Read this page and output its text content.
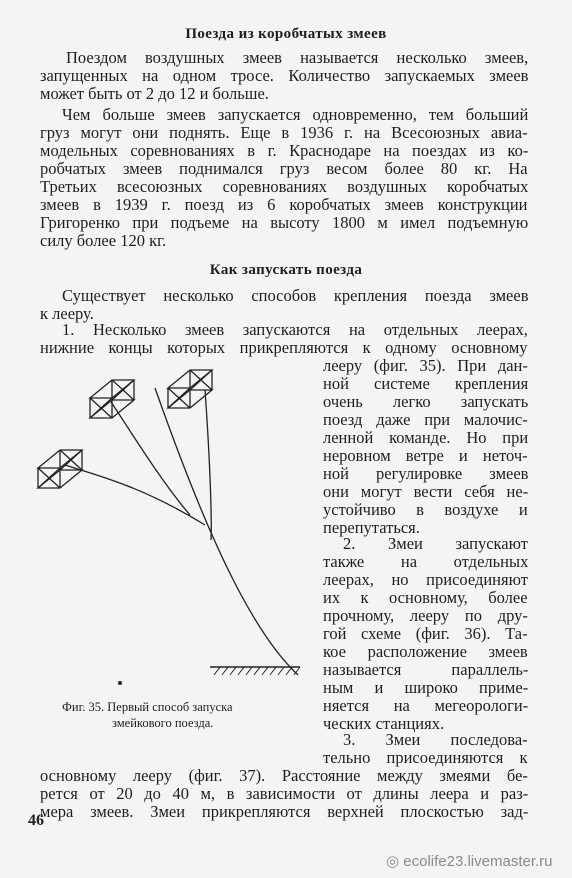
Поезда из коробчатых змеев
Как запускать поезда
Поездом воздушных змеев называется несколько змеев,
запущенных на одном тросе. Количество запускаемых змеев
может быть от 2 до 12 и больше.
Чем больше змеев запускается одновременно, тем больший
груз могут они поднять. Еще в 1936 г. на Всесоюзных авиа-
модельных соревнованиях в г. Краснодаре на поездах из ко-
робчатых змеев поднимался груз весом более 80 кг. На
Третьих всесоюзных соревнованиях воздушных коробчатых
змеев в 1939 г. поезд из 6 коробчатых змеев конструкции
Григоренко при подъеме на высоту 1800 м имел подъемную
силу более 120 кг.
Существует несколько способов крепления поезда змеев
к лееру.
1. Несколько змеев запускаются на отдельных леерах,
нижние концы которых прикрепляются к одному основному
лееру (фиг. 35). При дан-
ной системе крепления
очень легко запускать
поезд даже при малочис-
ленной команде. Но при
неровном ветре и неточ-
ной регулировке змеев
они могут вести себя не-
устойчиво в воздухе и
перепутаться.
2. Змеи запускают
также на отдельных
леерах, но присоединяют
их к основному, более
прочному, лееру по дру-
гой схеме (фиг. 36). Та-
кое расположение змеев
называется параллель-
ным и широко приме-
няется на мегеорологи-
ческих станциях.
3. Змеи последова-
тельно присоединяются к
основному лееру (фиг. 37). Расстояние между змеями бе-
рется от 20 до 40 м, в зависимости от длины леера и раз-
мера змеев. Змеи прикрепляются верхней плоскостью зад-
Фиг. 35. Первый способ запуска
змейкового поезда.
46
◎ ecolife23.livemaster.ru
